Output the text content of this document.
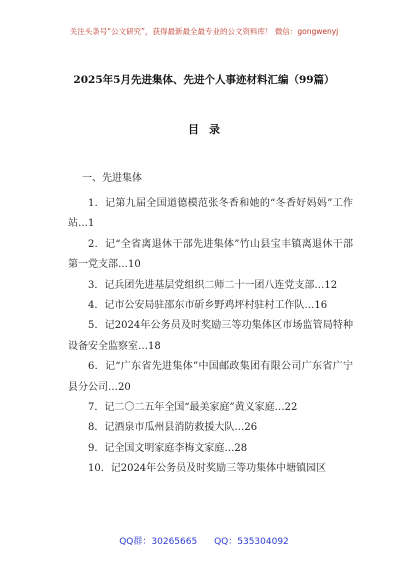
关注头条号“公文研究”，获得最新最全最专业的公文资料库！ 微信：gongwenyj
2025年5月先进集体、先进个人事迹材料汇编（99篇）
目录
一、先进集体
1．记第九届全国道德模范张冬香和她的“冬香好妈妈”工作站…1
2．记“全省离退休干部先进集体”竹山县宝丰镇离退休干部第一党支部…10
3．记兵团先进基层党组织二师二十一团八连党支部…12
4．记市公安局驻邵东市斫乡野鸡坪村驻村工作队…16
5．记2024年公务员及时奖励三等功集体区市场监管局特种设备安全监察室…18
6．记“广东省先进集体”中国邮政集团有限公司广东省广宁县分公司…20
7．记二〇二五年全国“最美家庭”黄义家庭…22
8．记酒泉市瓜州县消防救援大队…26
9．记全国文明家庭李梅文家庭…28
10．记2024年公务员及时奖励三等功集体中塘镇园区
QQ群：30265665 QQ：535304092
